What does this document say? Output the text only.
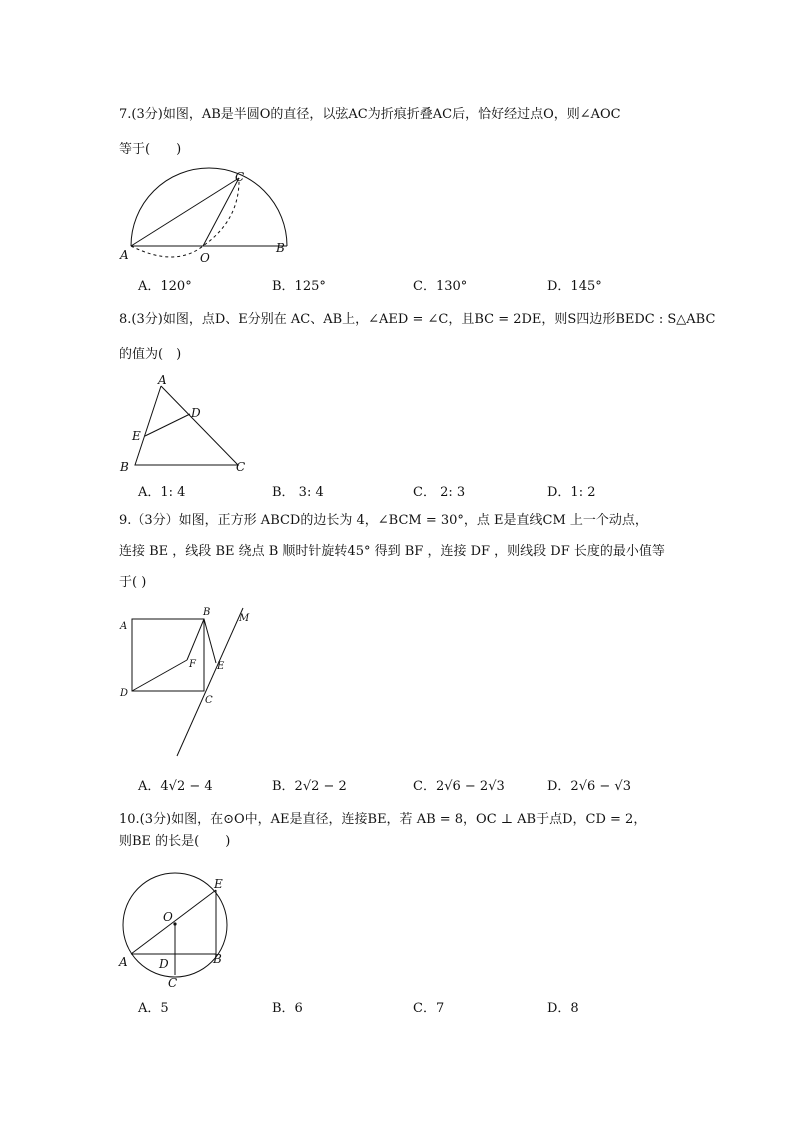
7.(3分)如图，AB是半圆O的直径，以弦AC为折痕折叠AC后，恰好经过点O，则∠AOC
等于(　　)
A	B
C
O
A．120°	B．125°	C．130°	D．145°
8.(3分)如图，点D、E分别在 AC、AB上，∠AED = ∠C，且BC = 2DE，则S四边形BEDC : S△ABC
的值为(　)
A
B	C
D
E
A．1: 4	B． 3: 4	C． 2: 3	D．1: 2
9.（3分）如图，正方形 ABCD的边长为 4，∠BCM = 30°，点 E是直线CM 上一个动点，
连接 BE ，线段 BE 绕点 B 顺时针旋转45° 得到 BF ，连接 DF ，则线段 DF 长度的最小值等
于( )
A
B
C
D
E
F
M
A．4√2 − 4	B．2√2 − 2	C．2√6 − 2√3	D．2√6 − √3
10.(3分)如图，在⊙O中，AE是直径，连接BE，若 AB = 8，OC ⊥ AB于点D，CD = 2，
则BE 的长是(　　)
A	B
C
D
E
O
A．5	B．6	C．7	D．8
